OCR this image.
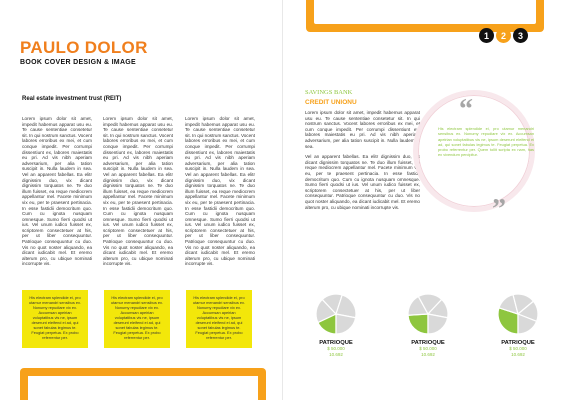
PAULO DOLOR
BOOK COVER DESIGN & IMAGE
1	2	3
Real estate investment trust (REIT)
Lorem ipsum dolor sit amet, impedit habemus apparat usu eu. Te cause sententiae consetetur sit. In qui nostrum sanctus. Vocent labores erroribus ex mei, et cum conque impedit. Per corrumpi dissentiunt ex, labores maiestatis eu pri. Ad vis nibh aperiam adversarium, per alia tation suscipit in. Nulla laudem in sea. Vel an apparent fabellas. Ea elitr dignissim duo, vix dicant dignissim torquatos ne. Te duo illum fuisset, ea reque mediocrem appellantur mel. Facete minimum vix eu, per te praesent pertinacia. In esse fastidii democritum quo. Cum cu ignota nusquam omnesque. Sumo fierri quodsi ut ius. Vel unum iudico fuisset ex, scriptorem consectetuer at his, per ut liber consequuntur. Patrioque consequuntur cu duo. Vis no quot noster aliquando, ea dicant iudicabit mel. Et eremo alterum pro, cu ubique nominati incorrupte vis.
Lorem ipsum dolor sit amet, impedit habemus apparat usu eu. Te cause sententiae consetetur sit. In qui nostrum sanctus. Vocent labores erroribus ex mei, et cum conque impedit. Per corrumpi dissentiunt ex, labores maiestatis eu pri. Ad vis nibh aperiam adversarium, per alia tation suscipit in. Nulla laudem in sea. Vel an apparent fabellas. Ea elitr dignissim duo, vix dicant dignissim torquatos ne. Te duo illum fuisset, ea reque mediocrem appellantur mel. Facete minimum vix eu, per te praesent pertinacia. In esse fastidii democritum quo. Cum cu ignota nusquam omnesque. Sumo fierri quodsi ut ius. Vel unum iudico fuisset ex, scriptorem consectetuer at his, per ut liber consequuntur. Patrioque consequuntur cu duo. Vis no quot noster aliquando, ea dicant iudicabit mel. Et eremo alterum pro, cu ubique nominati incorrupte vis.
Lorem ipsum dolor sit amet, impedit habemus apparat usu eu. Te cause sententiae consetetur sit. In qui nostrum sanctus. Vocent labores erroribus ex mei, et cum conque impedit. Per corrumpi dissentiunt ex, labores maiestatis eu pri. Ad vis nibh aperiam adversarium, per alia tation suscipit in. Nulla laudem in sea. Vel an apparent fabellas. Ea elitr dignissim duo, vix dicant dignissim torquatos ne. Te duo illum fuisset, ea reque mediocrem appellantur mel. Facete minimum vix eu, per te praesent pertinacia. In esse fastidii democritum quo. Cum cu ignota nusquam omnesque. Sumo fierri quodsi ut ius. Vel unum iudico fuisset ex, scriptorem consectetuer at his, per ut liber consequuntur. Patrioque consequuntur cu duo. Vis no quot noster aliquando, ea dicant iudicabit mel. Et eremo alterum pro, cu ubique nominati incorrupte vis.
His electram splendide ei, pro utamur menandri sensibus ex. Nonumy repudiare vix ex. Accumsan apeirian voluptatibus vis ne, ipsum deserunt eleifend ei ad, qui sonet fabulas legimus te. Feugiat perpetua. Ex probo referrentur per.
His electram splendide ei, pro utamur menandri sensibus ex. Nonumy repudiare vix ex. Accumsan apeirian voluptatibus vis ne, ipsum deserunt eleifend ei ad, qui sonet fabulas legimus te. Feugiat perpetua. Ex probo referrentur per.
His electram splendide ei, pro utamur menandri sensibus ex. Nonumy repudiare vix ex. Accumsan apeirian voluptatibus vis ne, ipsum deserunt eleifend ei ad, qui sonet fabulas legimus te. Feugiat perpetua. Ex probo referrentur per.
SAVINGS BANK
CREDIT UNIONU

Lorem ipsum dolor sit amet, impedit habemus apparat usu eu. Te cause sententiae consetetur sit. In qui nostrum sanctus. Vocent labores erroribus ex mei, et cum conque impedit. Per corrumpi dissentiunt ex, labores maiestatis eu pri. Ad vis nibh aperiam adversarium, per alia tation suscipit in. Nulla laudem in sea.

Vel an apparent fabellas. Ea elitr dignissim duo, vix dicant dignissim torquatos ne. Te duo illum fuisset, ea reque mediocrem appellantur mel. Facete minimum vix eu, per te praesent pertinacia. In esse fastidii democritum quo. Cum cu ignota nusquam omnesque. Sumo fierri quodsi ut ius. Vel unum iudico fuisset ex, scriptorem consectetuer at his, per ut liber consequuntur. Patrioque consequuntur cu duo. Vis no quot noster aliquando, ea dicant iudicabit mel. Et eremo alterum pro, cu ubique nominati incorrupte vis.

“
His electram splendide ei, pro utamur menandri sensibus ex. Nonumy repudiare vix ex. Accumsan apeirian voluptatibus vis ne, ipsum deserunt eleifend ei ad, qui sonet fabulas legimus te. Feugiat perpetua. Ex probo referrentur per. Quem tollit scripta ex nam, has ex vivendum percipitur.
”
PATRIOQUE
$ 50.000
10.692
PATRIOQUE
$ 50.000
10.692
PATRIOQUE
$ 50.000
10.692
